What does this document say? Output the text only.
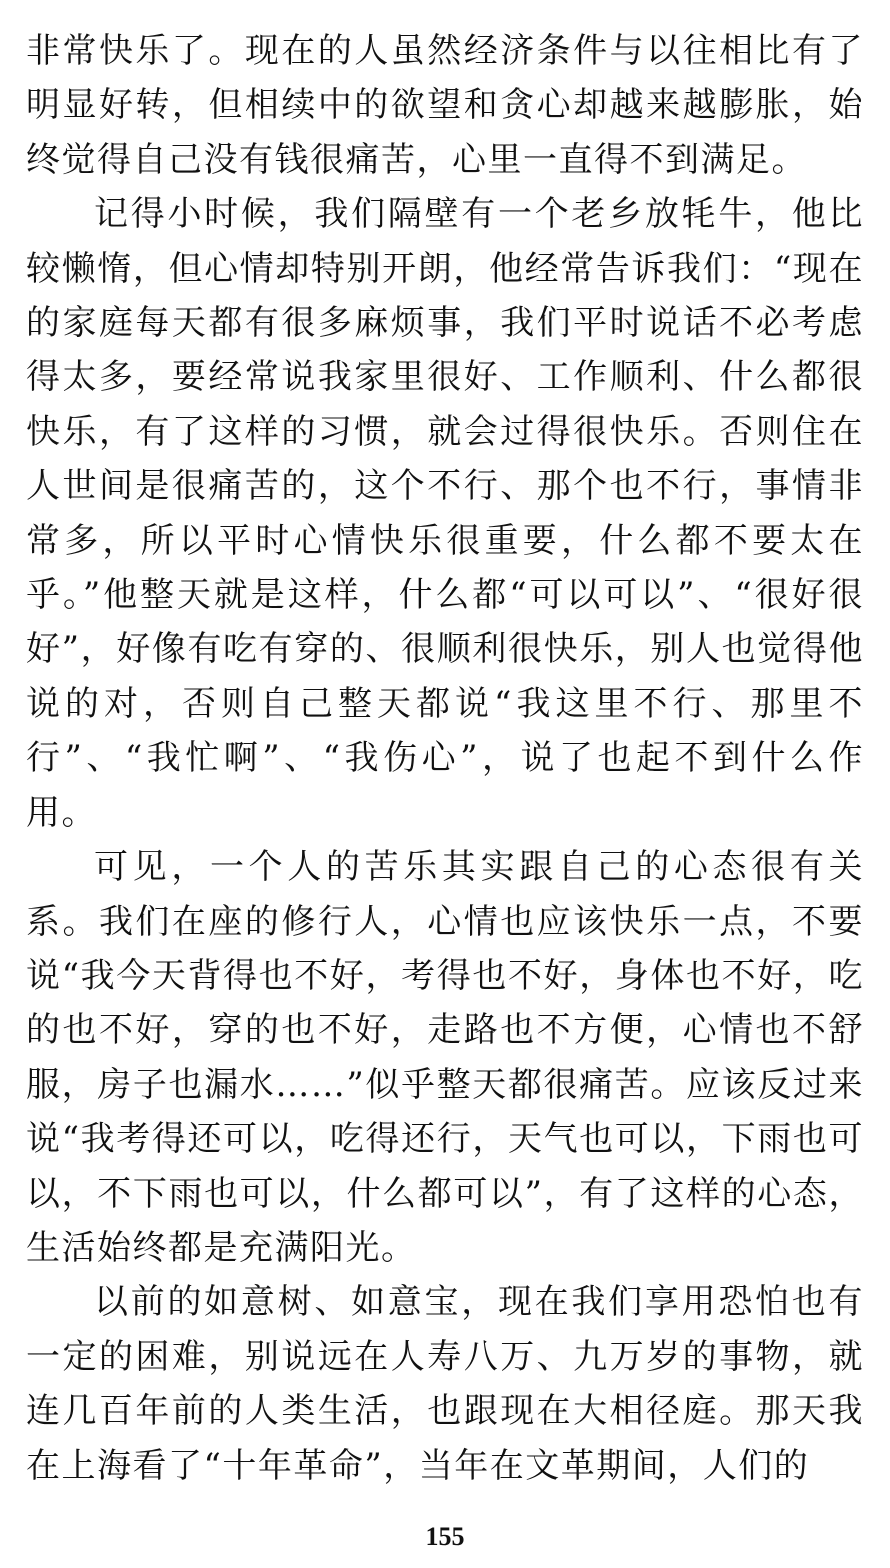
非常快乐了。现在的人虽然经济条件与以往相比有了明显好转，但相续中的欲望和贪心却越来越膨胀，始终觉得自己没有钱很痛苦，心里一直得不到满足。

记得小时候，我们隔壁有一个老乡放牦牛，他比较懒惰，但心情却特别开朗，他经常告诉我们：“现在的家庭每天都有很多麻烦事，我们平时说话不必考虑得太多，要经常说我家里很好、工作顺利、什么都很快乐，有了这样的习惯，就会过得很快乐。否则住在人世间是很痛苦的，这个不行、那个也不行，事情非常多，所以平时心情快乐很重要，什么都不要太在乎。”他整天就是这样，什么都“可以可以”、“很好很好”，好像有吃有穿的、很顺利很快乐，别人也觉得他说的对，否则自己整天都说“我这里不行、那里不行”、“我忙啊”、“我伤心”，说了也起不到什么作用。

可见，一个人的苦乐其实跟自己的心态很有关系。我们在座的修行人，心情也应该快乐一点，不要说“我今天背得也不好，考得也不好，身体也不好，吃的也不好，穿的也不好，走路也不方便，心情也不舒服，房子也漏水……”似乎整天都很痛苦。应该反过来说“我考得还可以，吃得还行，天气也可以，下雨也可以，不下雨也可以，什么都可以”，有了这样的心态，生活始终都是充满阳光。

以前的如意树、如意宝，现在我们享用恐怕也有一定的困难，别说远在人寿八万、九万岁的事物，就连几百年前的人类生活，也跟现在大相径庭。那天我在上海看了“十年革命”，当年在文革期间，人们的

155
